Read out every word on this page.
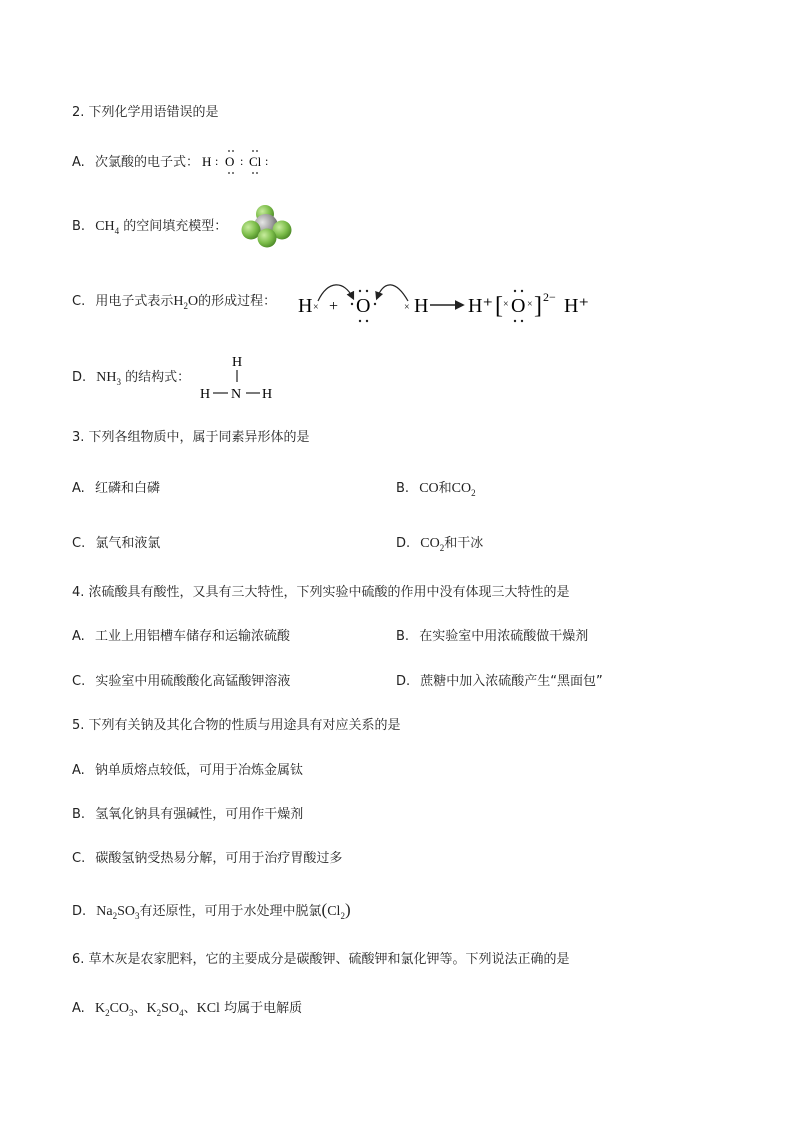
2. 下列化学用语错误的是
A. 次氯酸的电子式： H : O : Cl :
B. $CH_4$ 的空间填充模型：
C. 用电子式表示$H_2O$的形成过程： H × + O	× H H⁺ [ × O × ] 2− H⁺
D. $NH_3$ 的结构式：
H
H N H
3. 下列各组物质中，属于同素异形体的是
A. 红磷和白磷	B. CO和$CO_2$
C. 氯气和液氯	D. $CO_2$和干冰
4. 浓硫酸具有酸性，又具有三大特性，下列实验中硫酸的作用中没有体现三大特性的是
A. 工业上用铝槽车储存和运输浓硫酸	B. 在实验室中用浓硫酸做干燥剂
C. 实验室中用硫酸酸化高锰酸钾溶液	D. 蔗糖中加入浓硫酸产生“黑面包”
5. 下列有关钠及其化合物的性质与用途具有对应关系的是
A. 钠单质熔点较低，可用于冶炼金属钛
B. 氢氧化钠具有强碱性，可用作干燥剂
C. 碳酸氢钠受热易分解，可用于治疗胃酸过多
D. $Na_2SO_3$有还原性，可用于水处理中脱氯$(Cl_2)$
6. 草木灰是农家肥料，它的主要成分是碳酸钾、硫酸钾和氯化钾等。下列说法正确的是
A. $K_2CO_3$、$K_2SO_4$、KCl 均属于电解质
